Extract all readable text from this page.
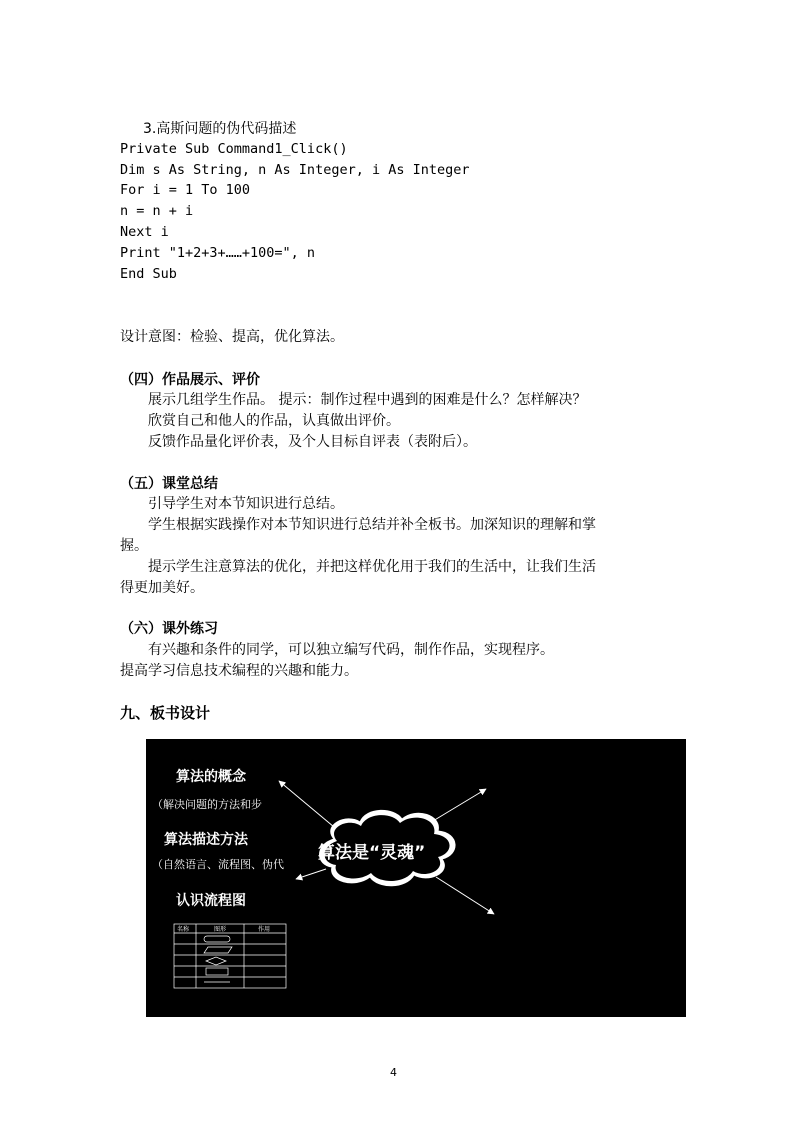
3.高斯问题的伪代码描述
Private Sub Command1_Click()
Dim s As String, n As Integer, i As Integer
For i = 1 To 100
n = n + i
Next i
Print "1+2+3+……+100=", n
End Sub
设计意图：检验、提高，优化算法。
（四）作品展示、评价
展示几组学生作品。 提示：制作过程中遇到的困难是什么？怎样解决？
欣赏自己和他人的作品，认真做出评价。
反馈作品量化评价表，及个人目标自评表（表附后）。
（五）课堂总结
引导学生对本节知识进行总结。
学生根据实践操作对本节知识进行总结并补全板书。加深知识的理解和掌
握。
提示学生注意算法的优化，并把这样优化用于我们的生活中，让我们生活
得更加美好。
（六）课外练习
有兴趣和条件的同学，可以独立编写代码，制作作品，实现程序。
提高学习信息技术编程的兴趣和能力。
九、板书设计
算法的概念
（解决问题的方法和步
算法描述方法
（自然语言、流程图、伪代
认识流程图
算法是“灵魂”
名称	图形	作用
4
